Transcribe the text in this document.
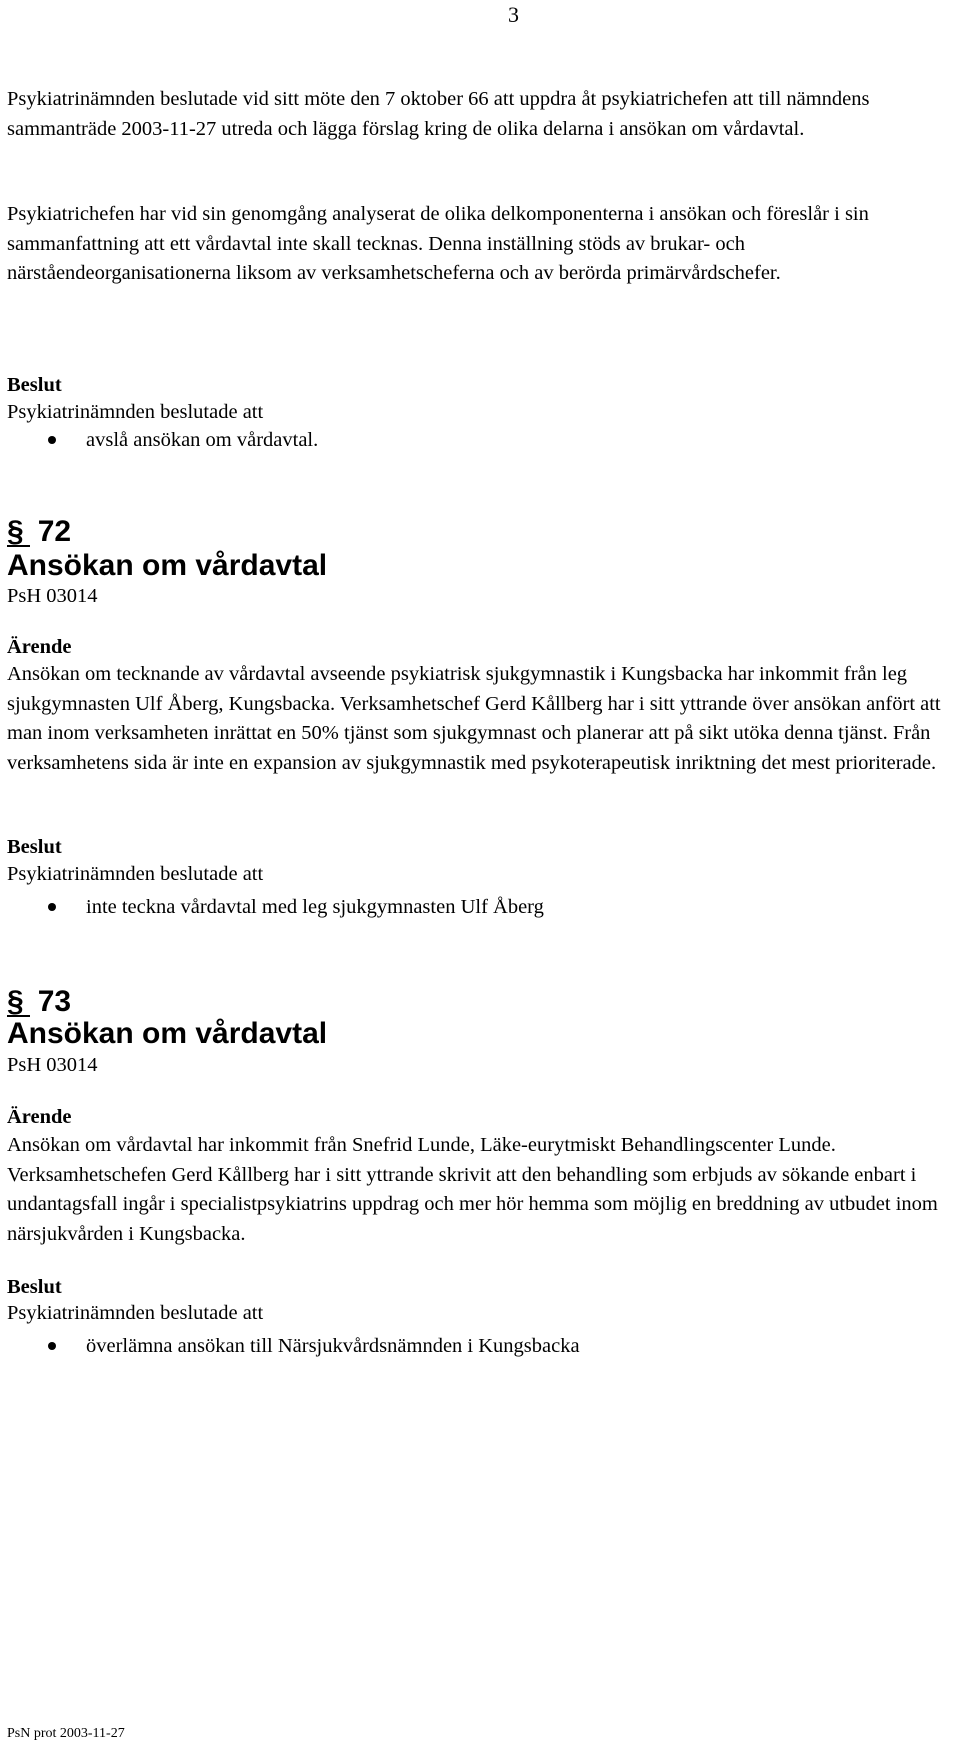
3

Psykiatrinämnden beslutade vid sitt möte den 7 oktober 66 att uppdra åt psykiatrichefen att till nämndens sammanträde 2003-11-27 utreda och lägga förslag kring de olika delarna i ansökan om vårdavtal.

Psykiatrichefen har vid sin genomgång analyserat de olika delkomponenterna i ansökan och föreslår i sin sammanfattning att ett vårdavtal inte skall tecknas. Denna inställning stöds av brukar- och närståendeorganisationerna liksom av verksamhetscheferna och av berörda primärvårdschefer.

Beslut
Psykiatrinämnden beslutade att
avslå ansökan om vårdavtal.
§ 72
Ansökan om vårdavtal
PsH 03014
Ärende

Ansökan om tecknande av vårdavtal avseende psykiatrisk sjukgymnastik i Kungsbacka har inkommit från leg sjukgymnasten Ulf Åberg, Kungsbacka. Verksamhetschef Gerd Kållberg har i sitt yttrande över ansökan anfört att man inom verksamheten inrättat en 50% tjänst som sjukgymnast och planerar att på sikt utöka denna tjänst. Från verksamhetens sida är inte en expansion av sjukgymnastik med psykoterapeutisk inriktning det mest prioriterade.

Beslut
Psykiatrinämnden beslutade att
inte teckna vårdavtal med leg sjukgymnasten Ulf Åberg
§ 73
Ansökan om vårdavtal
PsH 03014
Ärende

Ansökan om vårdavtal har inkommit från Snefrid Lunde, Läke-eurytmiskt Behandlingscenter Lunde. Verksamhetschefen Gerd Kållberg har i sitt yttrande skrivit att den behandling som erbjuds av sökande enbart i undantagsfall ingår i specialistpsykiatrins uppdrag och mer hör hemma som möjlig en breddning av utbudet inom närsjukvården i Kungsbacka.

Beslut
Psykiatrinämnden beslutade att
överlämna ansökan till Närsjukvårdsnämnden i Kungsbacka
PsN prot 2003-11-27
